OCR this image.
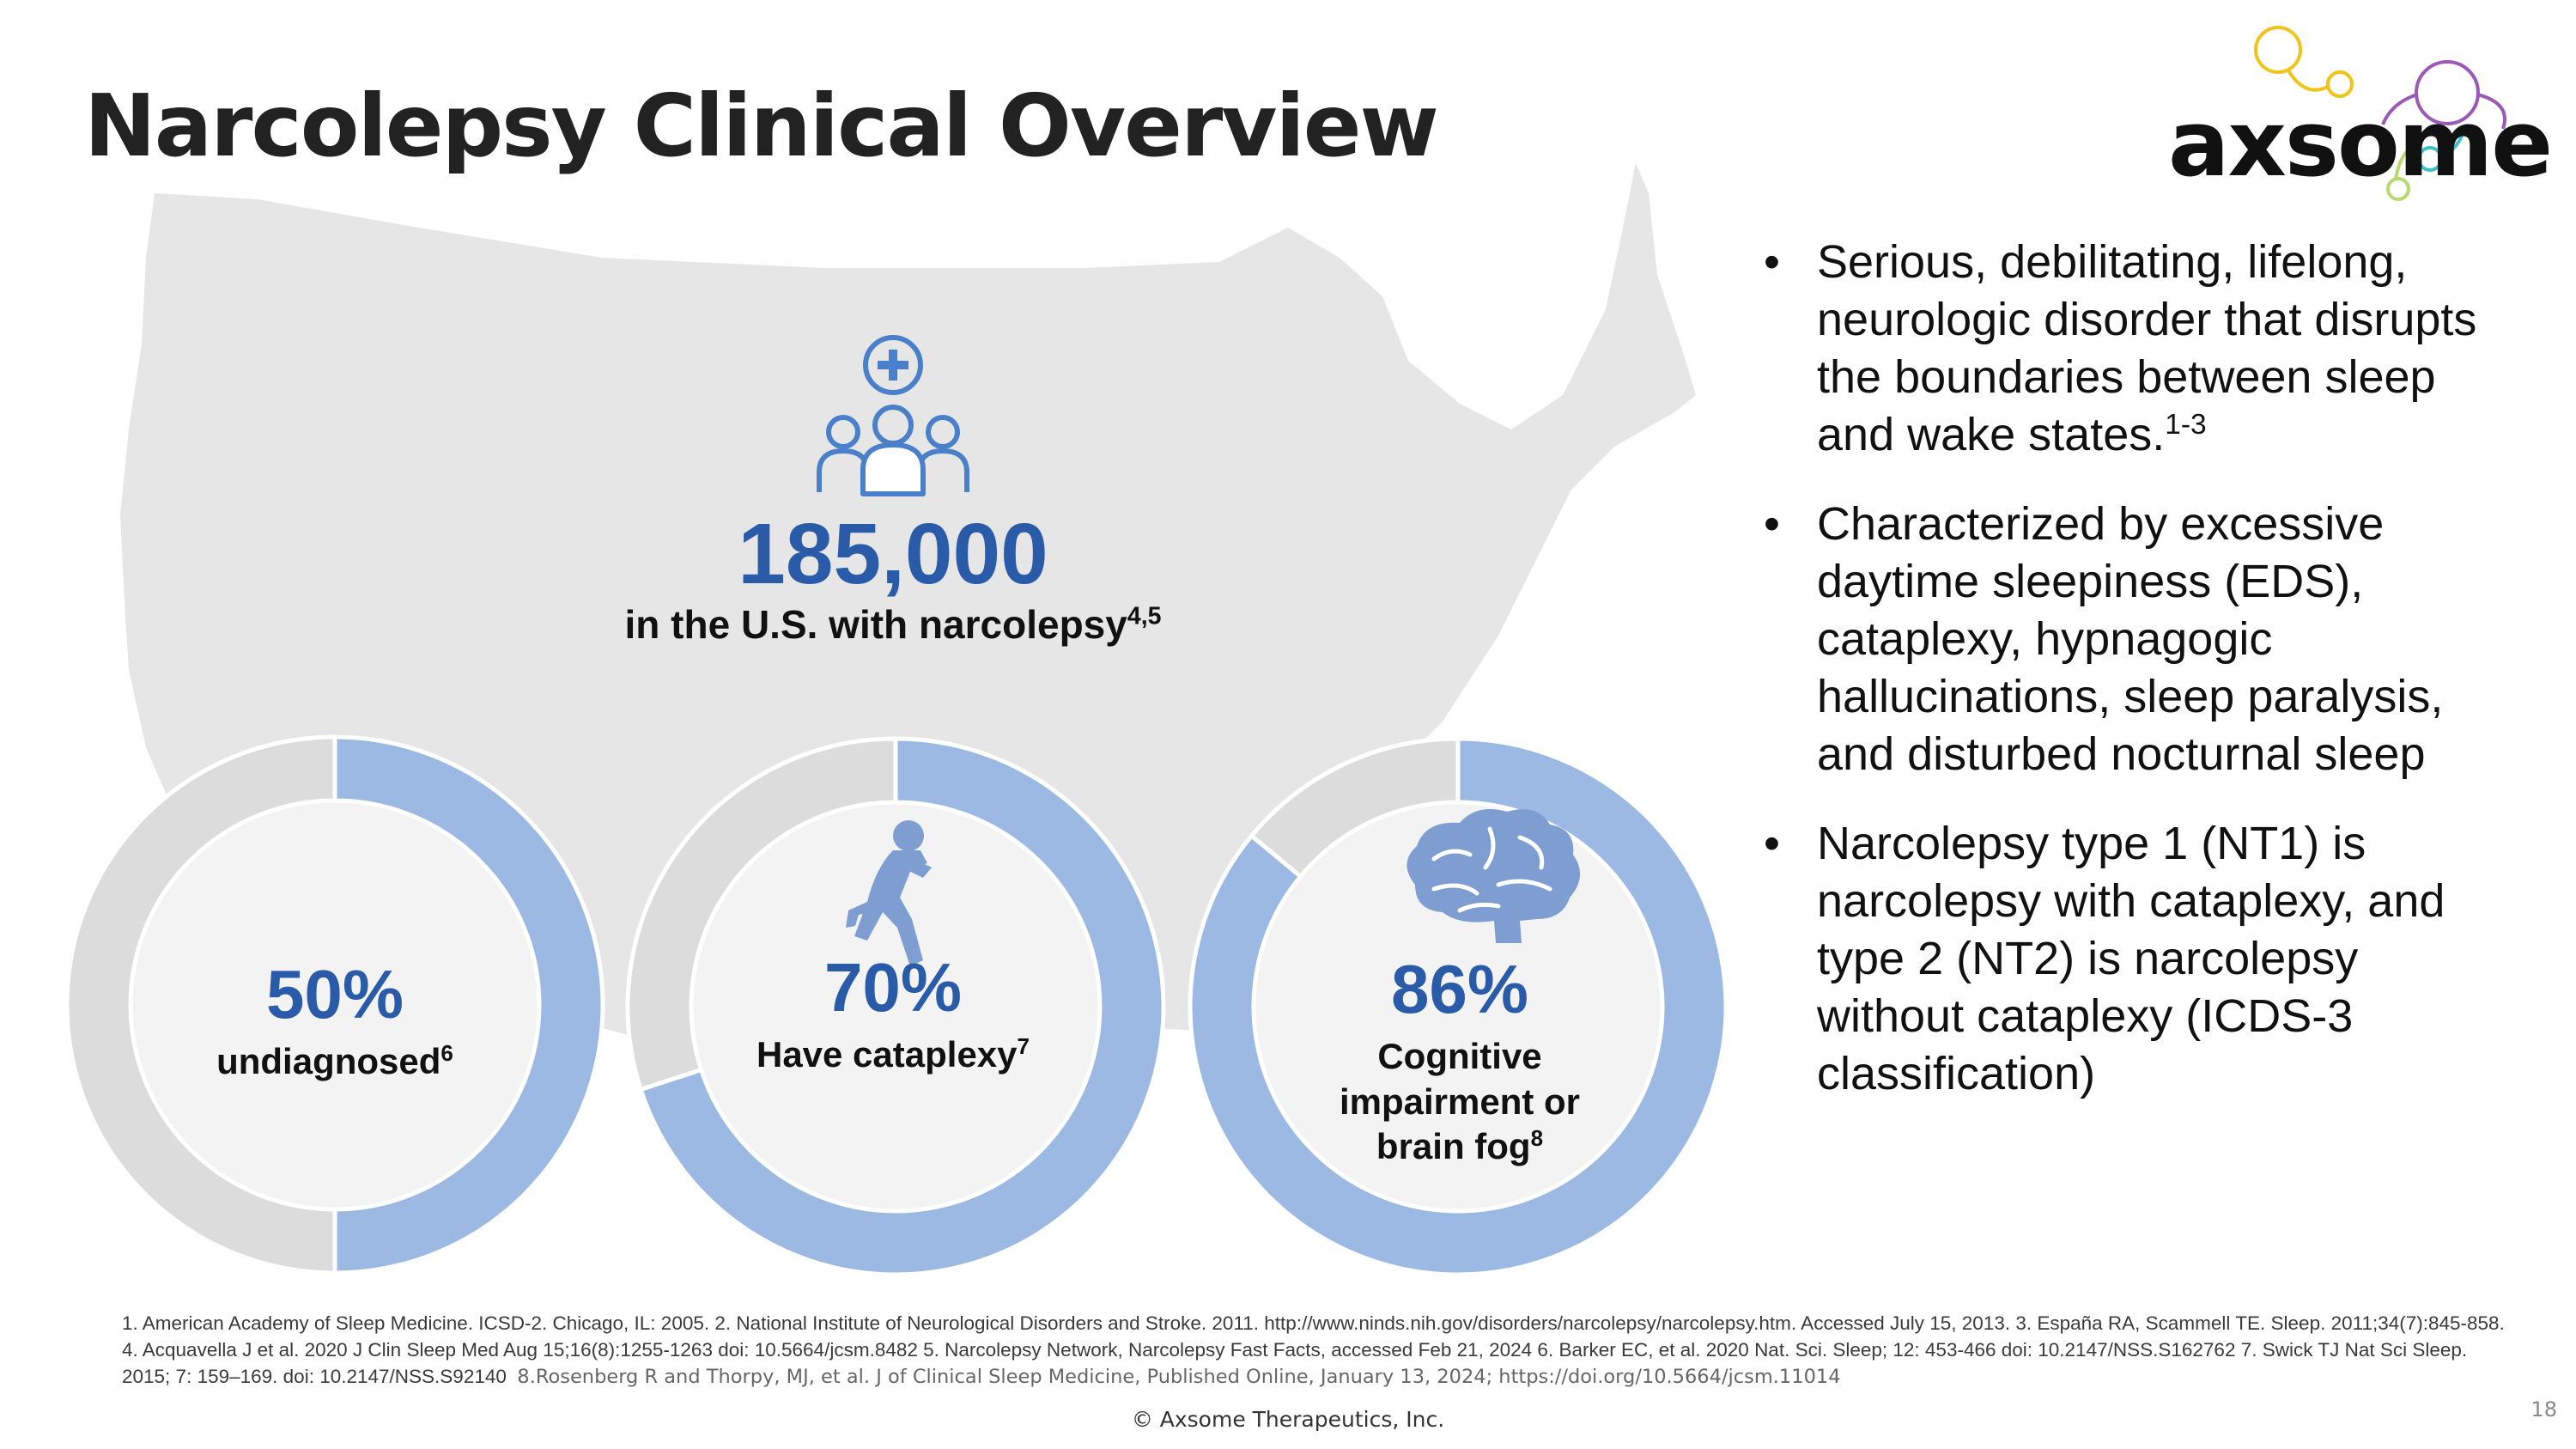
Narcolepsy Clinical Overview	axsome
185,000
in the U.S. with narcolepsy$^{4,5}$
50%
undiagnosed$^6$
70%
Have cataplexy$^7$
86%
Cognitive impairment or brain fog$^8$
• Serious, debilitating, lifelong, neurologic disorder that disrupts the boundaries between sleep and wake states.$^{1-3}$
• Characterized by excessive daytime sleepiness (EDS), cataplexy, hypnagogic hallucinations, sleep paralysis, and disturbed nocturnal sleep
• Narcolepsy type 1 (NT1) is narcolepsy with cataplexy, and type 2 (NT2) is narcolepsy without cataplexy (ICDS-3 classification)

1. American Academy of Sleep Medicine. ICSD-2. Chicago, IL: 2005. 2. National Institute of Neurological Disorders and Stroke. 2011. http://www.ninds.nih.gov/disorders/narcolepsy/narcolepsy.htm. Accessed July 15, 2013. 3. España RA, Scammell TE. Sleep. 2011;34(7):845-858. 4. Acquavella J et al. 2020 J Clin Sleep Med Aug 15;16(8):1255-1263 doi: 10.5664/jcsm.8482 5. Narcolepsy Network, Narcolepsy Fast Facts, accessed Feb 21, 2024 6. Barker EC, et al. 2020 Nat. Sci. Sleep; 12: 453-466 doi: 10.2147/NSS.S162762 7. Swick TJ Nat Sci Sleep. 2015; 7: 159–169. doi: 10.2147/NSS.S92140 8.Rosenberg R and Thorpy, MJ, et al. J of Clinical Sleep Medicine, Published Online, January 13, 2024; https://doi.org/10.5664/jcsm.11014

© Axsome Therapeutics, Inc.	18
